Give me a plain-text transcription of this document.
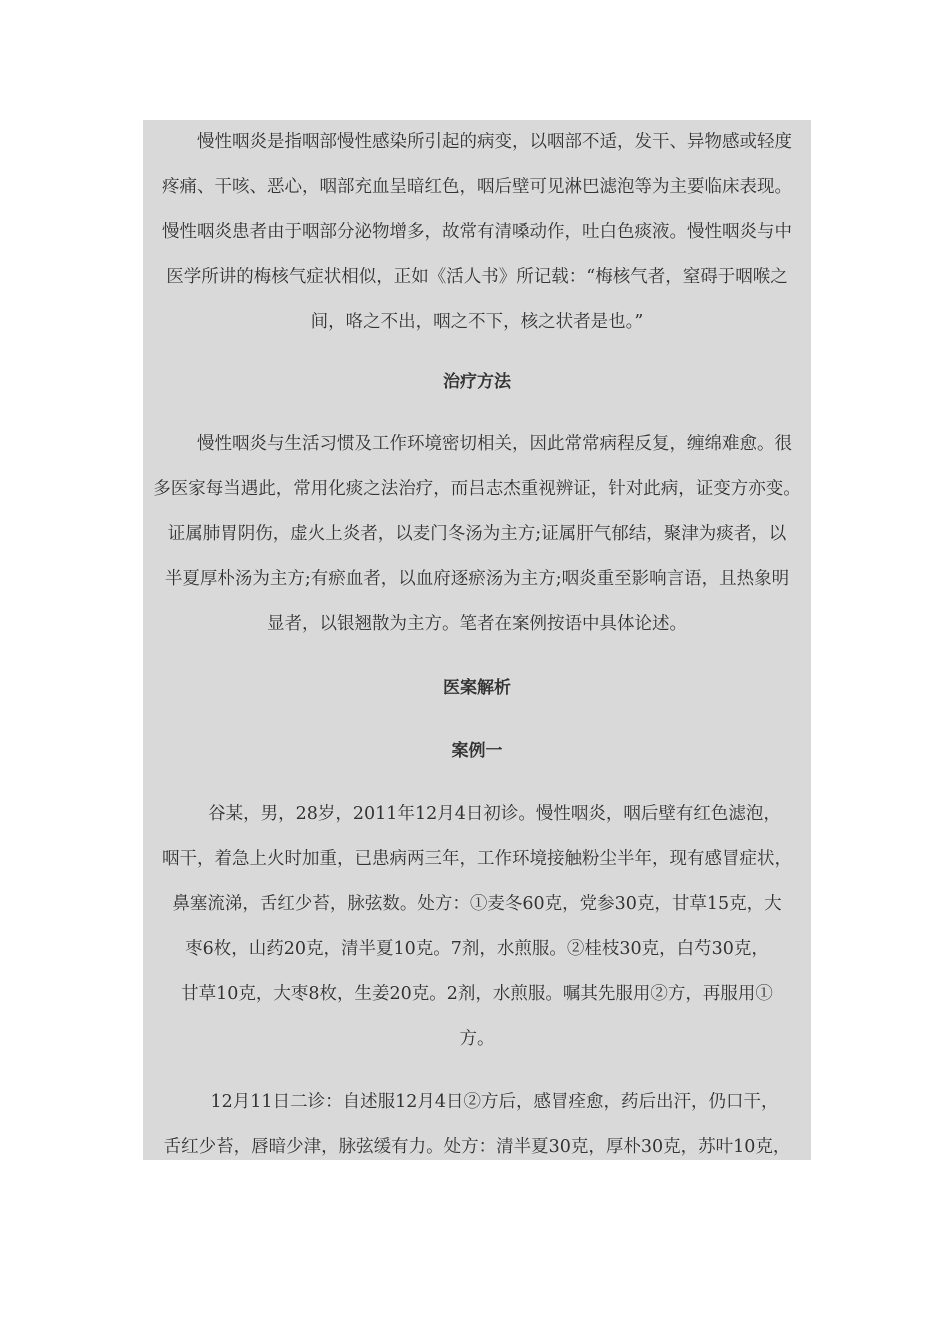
　　慢性咽炎是指咽部慢性感染所引起的病变，以咽部不适，发干、异物感或轻度
疼痛、干咳、恶心，咽部充血呈暗红色，咽后壁可见淋巴滤泡等为主要临床表现。
慢性咽炎患者由于咽部分泌物增多，故常有清嗓动作，吐白色痰液。慢性咽炎与中
医学所讲的梅核气症状相似，正如《活人书》所记载：“梅核气者，窒碍于咽喉之
间，咯之不出，咽之不下，核之状者是也。”
治疗方法
　　慢性咽炎与生活习惯及工作环境密切相关，因此常常病程反复，缠绵难愈。很
多医家每当遇此，常用化痰之法治疗，而吕志杰重视辨证，针对此病，证变方亦变。
证属肺胃阴伤，虚火上炎者，以麦门冬汤为主方;证属肝气郁结，聚津为痰者，以
半夏厚朴汤为主方;有瘀血者，以血府逐瘀汤为主方;咽炎重至影响言语，且热象明
显者，以银翘散为主方。笔者在案例按语中具体论述。
医案解析
案例一
　　谷某，男，28岁，2011年12月4日初诊。慢性咽炎，咽后壁有红色滤泡，
咽干，着急上火时加重，已患病两三年，工作环境接触粉尘半年，现有感冒症状，
鼻塞流涕，舌红少苔，脉弦数。处方：①麦冬60克，党参30克，甘草15克，大
枣6枚，山药20克，清半夏10克。7剂，水煎服。②桂枝30克，白芍30克，
甘草10克，大枣8枚，生姜20克。2剂，水煎服。嘱其先服用②方，再服用①
方。
　　12月11日二诊：自述服12月4日②方后，感冒痊愈，药后出汗，仍口干，
舌红少苔，唇暗少津，脉弦缓有力。处方：清半夏30克，厚朴30克，苏叶10克，
